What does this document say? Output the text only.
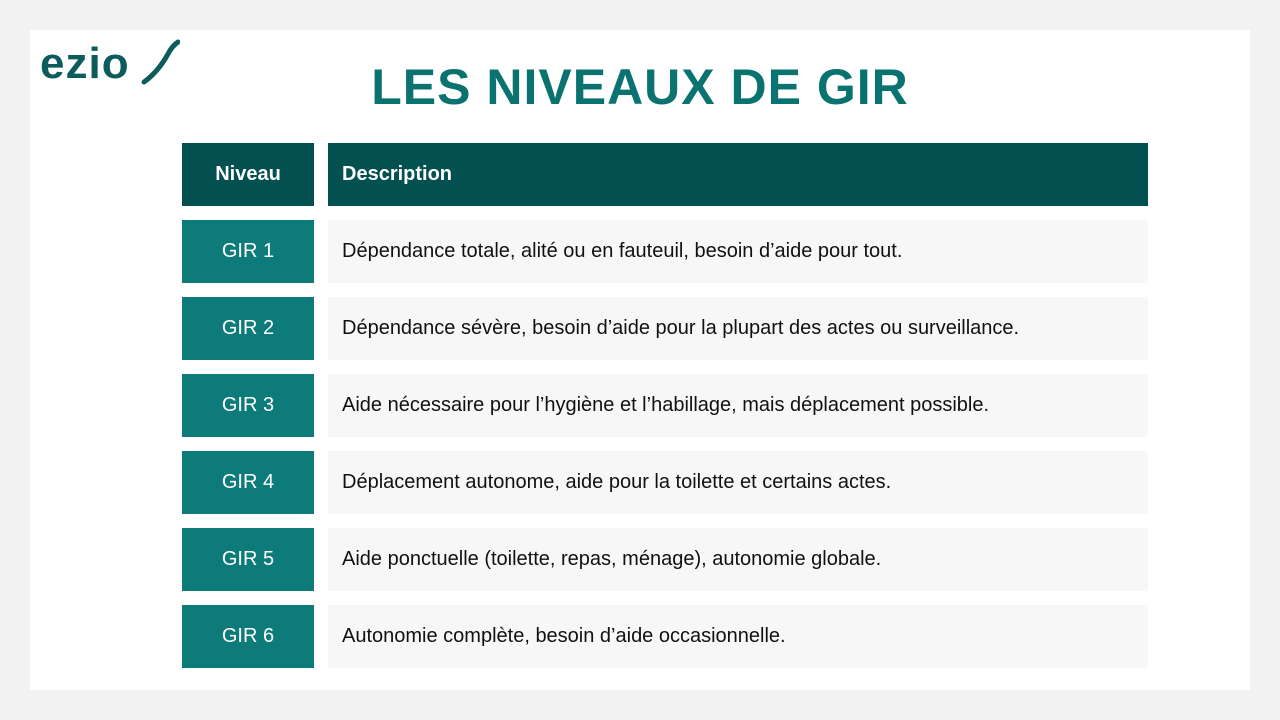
ezio	LES NIVEAUX DE GIR
Niveau	Description
GIR 1	Dépendance totale, alité ou en fauteuil, besoin d’aide pour tout.
GIR 2	Dépendance sévère, besoin d’aide pour la plupart des actes ou surveillance.
GIR 3	Aide nécessaire pour l’hygiène et l’habillage, mais déplacement possible.
GIR 4	Déplacement autonome, aide pour la toilette et certains actes.
GIR 5	Aide ponctuelle (toilette, repas, ménage), autonomie globale.
GIR 6	Autonomie complète, besoin d’aide occasionnelle.
